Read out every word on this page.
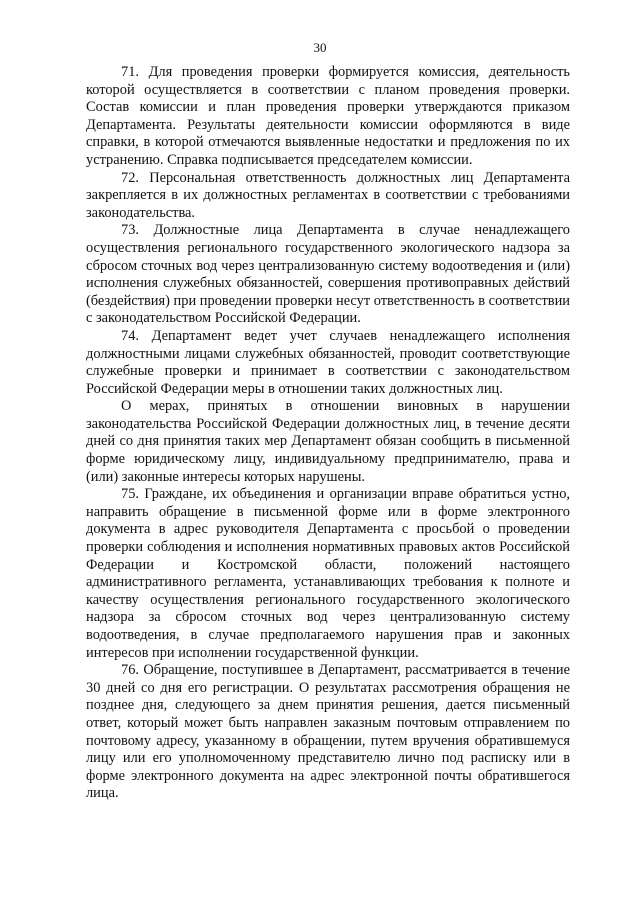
30

71. Для проведения проверки формируется комиссия, деятельность которой осуществляется в соответствии с планом проведения проверки. Состав комиссии и план проведения проверки утверждаются приказом Департамента. Результаты деятельности комиссии оформляются в виде справки, в которой отмечаются выявленные недостатки и предложения по их устранению. Справка подписывается председателем комиссии.

72. Персональная ответственность должностных лиц Департамента закрепляется в их должностных регламентах в соответствии с требованиями законодательства.

73. Должностные лица Департамента в случае ненадлежащего осуществления регионального государственного экологического надзора за сбросом сточных вод через централизованную систему водоотведения и (или) исполнения служебных обязанностей, совершения противоправных действий (бездействия) при проведении проверки несут ответственность в соответствии с законодательством Российской Федерации.

74. Департамент ведет учет случаев ненадлежащего исполнения должностными лицами служебных обязанностей, проводит соответствующие служебные проверки и принимает в соответствии с законодательством Российской Федерации меры в отношении таких должностных лиц.

О мерах, принятых в отношении виновных в нарушении законодательства Российской Федерации должностных лиц, в течение десяти дней со дня принятия таких мер Департамент обязан сообщить в письменной форме юридическому лицу, индивидуальному предпринимателю, права и (или) законные интересы которых нарушены.

75. Граждане, их объединения и организации вправе обратиться устно, направить обращение в письменной форме или в форме электронного документа в адрес руководителя Департамента с просьбой о проведении проверки соблюдения и исполнения нормативных правовых актов Российской Федерации и Костромской области, положений настоящего административного регламента, устанавливающих требования к полноте и качеству осуществления регионального государственного экологического надзора за сбросом сточных вод через централизованную систему водоотведения, в случае предполагаемого нарушения прав и законных интересов при исполнении государственной функции.

76. Обращение, поступившее в Департамент, рассматривается в течение 30 дней со дня его регистрации. О результатах рассмотрения обращения не позднее дня, следующего за днем принятия решения, дается письменный ответ, который может быть направлен заказным почтовым отправлением по почтовому адресу, указанному в обращении, путем вручения обратившемуся лицу или его уполномоченному представителю лично под расписку или в форме электронного документа на адрес электронной почты обратившегося лица.
